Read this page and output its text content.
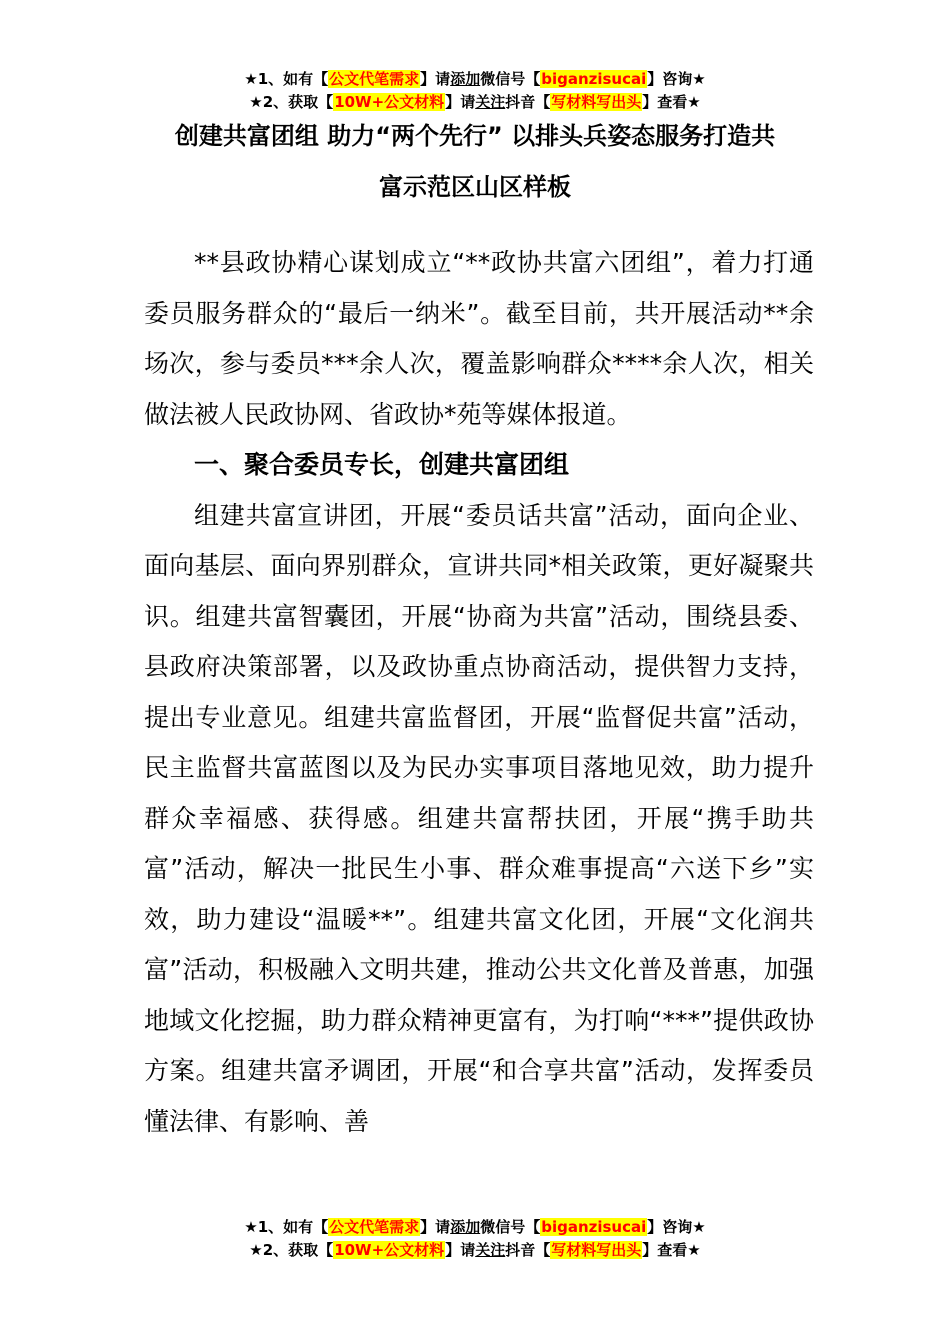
★1、如有【公文代笔需求】请添加微信号【biganzisucai】咨询★
★2、获取【10W+公文材料】请关注抖音【写材料写出头】查看★
创建共富团组 助力“两个先行” 以排头兵姿态服务打造共
富示范区山区样板

**县政协精心谋划成立“**政协共富六团组”，着力打通委员服务群众的“最后一纳米”。截至目前，共开展活动**余场次，参与委员***余人次，覆盖影响群众****余人次，相关做法被人民政协网、省政协*苑等媒体报道。

一、聚合委员专长，创建共富团组

组建共富宣讲团，开展“委员话共富”活动，面向企业、面向基层、面向界别群众，宣讲共同*相关政策，更好凝聚共识。组建共富智囊团，开展“协商为共富”活动，围绕县委、县政府决策部署，以及政协重点协商活动，提供智力支持，提出专业意见。组建共富监督团，开展“监督促共富”活动，民主监督共富蓝图以及为民办实事项目落地见效，助力提升群众幸福感、获得感。组建共富帮扶团，开展“携手助共富”活动，解决一批民生小事、群众难事提高“六送下乡”实效，助力建设“温暖**”。组建共富文化团，开展“文化润共富”活动，积极融入文明共建，推动公共文化普及普惠，加强地域文化挖掘，助力群众精神更富有，为打响“***”提供政协方案。组建共富矛调团，开展“和合享共富”活动，发挥委员懂法律、有影响、善

★1、如有【公文代笔需求】请添加微信号【biganzisucai】咨询★
★2、获取【10W+公文材料】请关注抖音【写材料写出头】查看★
